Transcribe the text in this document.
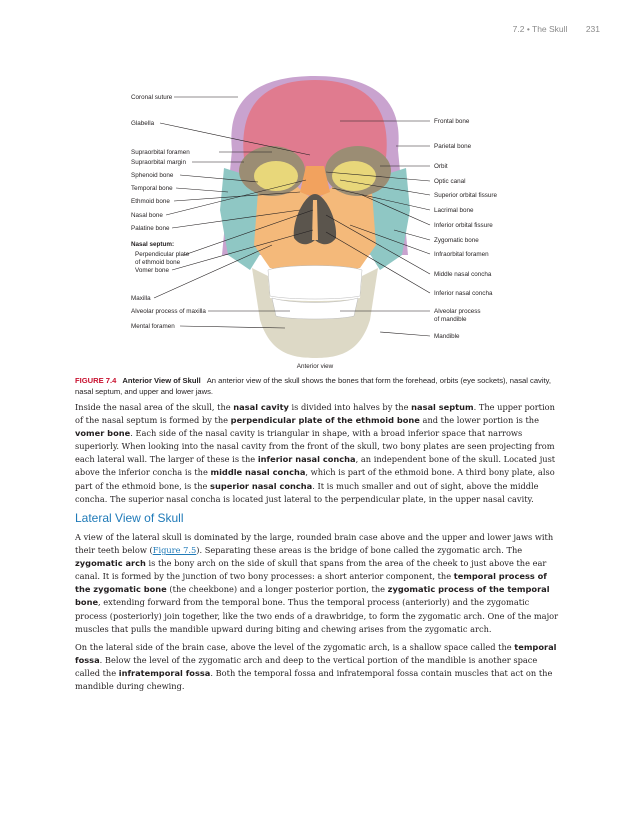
7.2 • The Skull 231
Coronal suture
Glabella
Supraorbital foramen
Supraorbital margin
Sphenoid bone
Temporal bone
Ethmoid bone
Nasal bone
Palatine bone
Nasal septum:
Perpendicular plate
of ethmoid bone
Vomer bone
Maxilla
Alveolar process of maxilla
Mental foramen
Frontal bone
Parietal bone
Orbit
Optic canal
Superior orbital fissure
Lacrimal bone
Inferior orbital fissure
Zygomatic bone
Infraorbital foramen
Middle nasal concha
Inferior nasal concha
Alveolar process
of mandible
Mandible
Anterior view
FIGURE 7.4 Anterior View of Skull An anterior view of the skull shows the bones that form the forehead, orbits (eye sockets), nasal cavity, nasal septum, and upper and lower jaws.

Inside the nasal area of the skull, the nasal cavity is divided into halves by the nasal septum. The upper portion of the nasal septum is formed by the perpendicular plate of the ethmoid bone and the lower portion is the vomer bone. Each side of the nasal cavity is triangular in shape, with a broad inferior space that narrows superiorly. When looking into the nasal cavity from the front of the skull, two bony plates are seen projecting from each lateral wall. The larger of these is the inferior nasal concha, an independent bone of the skull. Located just above the inferior concha is the middle nasal concha, which is part of the ethmoid bone. A third bony plate, also part of the ethmoid bone, is the superior nasal concha. It is much smaller and out of sight, above the middle concha. The superior nasal concha is located just lateral to the perpendicular plate, in the upper nasal cavity.

Lateral View of Skull

A view of the lateral skull is dominated by the large, rounded brain case above and the upper and lower jaws with their teeth below (Figure 7.5). Separating these areas is the bridge of bone called the zygomatic arch. The zygomatic arch is the bony arch on the side of skull that spans from the area of the cheek to just above the ear canal. It is formed by the junction of two bony processes: a short anterior component, the temporal process of the zygomatic bone (the cheekbone) and a longer posterior portion, the zygomatic process of the temporal bone, extending forward from the temporal bone. Thus the temporal process (anteriorly) and the zygomatic process (posteriorly) join together, like the two ends of a drawbridge, to form the zygomatic arch. One of the major muscles that pulls the mandible upward during biting and chewing arises from the zygomatic arch.

On the lateral side of the brain case, above the level of the zygomatic arch, is a shallow space called the temporal fossa. Below the level of the zygomatic arch and deep to the vertical portion of the mandible is another space called the infratemporal fossa. Both the temporal fossa and infratemporal fossa contain muscles that act on the mandible during chewing.
